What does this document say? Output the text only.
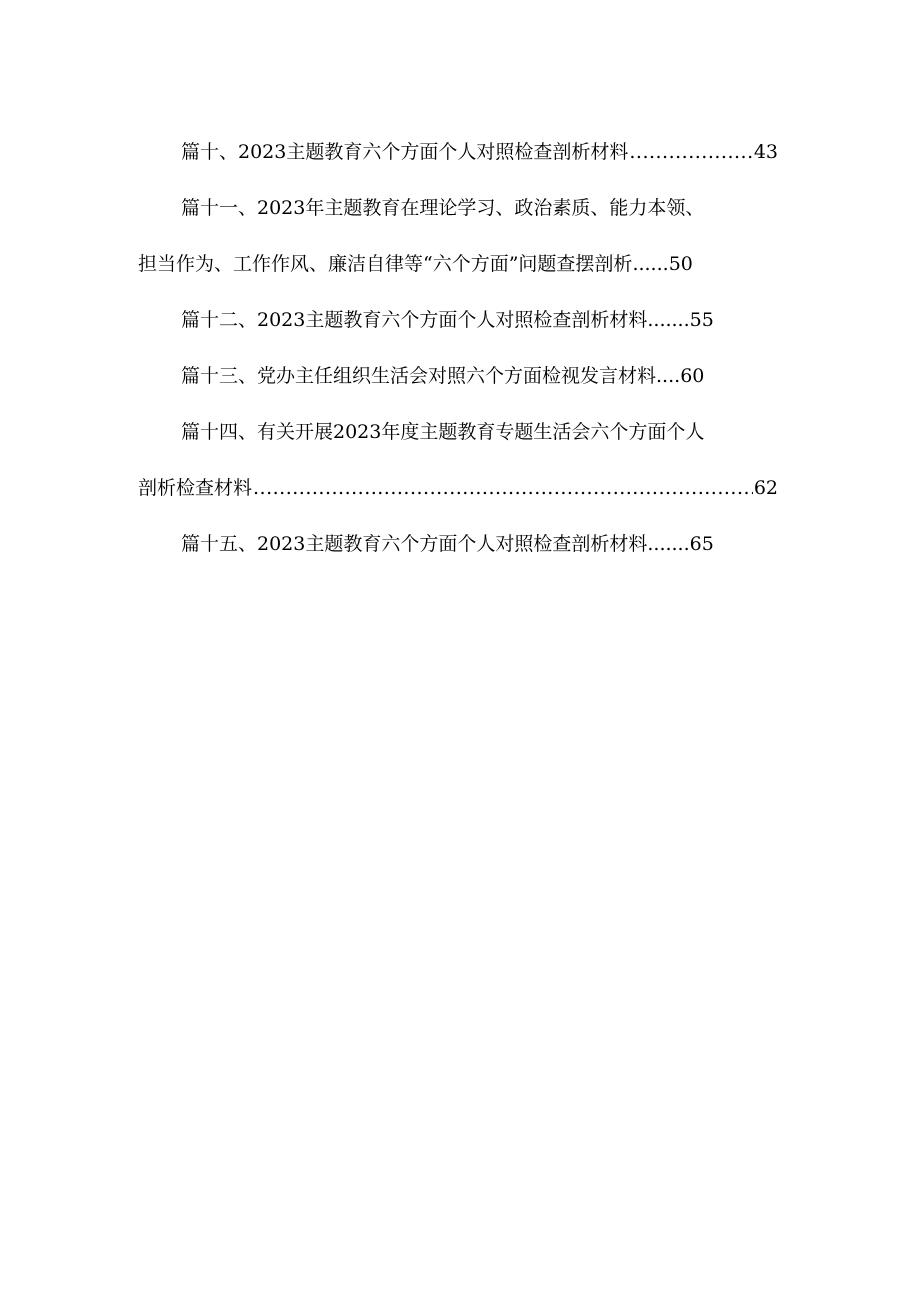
篇十、2023主题教育六个方面个人对照检查剖析材料 .....	43
篇十一、2023年主题教育在理论学习、政治素质、能力本领、
担当作为、工作作风、廉洁自律等“六个方面”问题查摆剖析......50
篇十二、2023主题教育六个方面个人对照检查剖析材料.......55
篇十三、党办主任组织生活会对照六个方面检视发言材料....60
篇十四、有关开展2023年度主题教育专题生活会六个方面个人
剖析检查材料 .....	62
篇十五、2023主题教育六个方面个人对照检查剖析材料.......65
